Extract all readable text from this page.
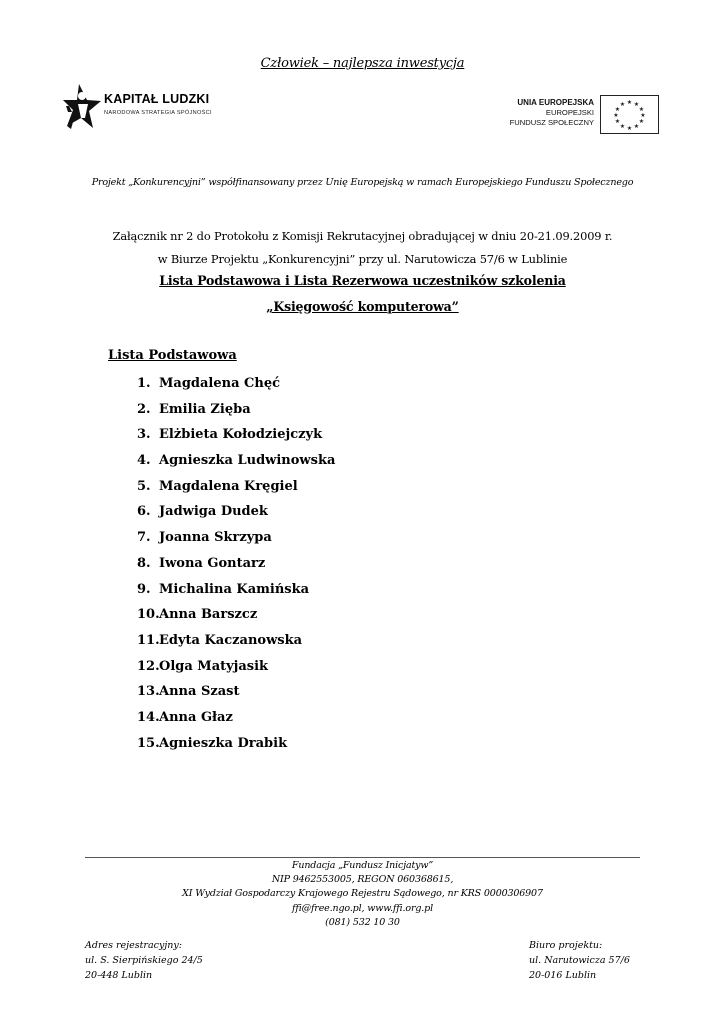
Człowiek – najlepsza inwestycja
KAPITAŁ LUDZKI
NARODOWA STRATEGIA SPÓJNOŚCI
UNIA EUROPEJSKA
EUROPEJSKI
FUNDUSZ SPOŁECZNY
★ ★
★
★
★
★
★
★
★
★
★
★
Projekt „Konkurencyjni” współfinansowany przez Unię Europejską w ramach Europejskiego Funduszu Społecznego
Załącznik nr 2 do Protokołu z Komisji Rekrutacyjnej obradującej w dniu 20-21.09.2009 r.
w Biurze Projektu „Konkurencyjni” przy ul. Narutowicza 57/6 w Lublinie
Lista Podstawowa i Lista Rezerwowa uczestników szkolenia
„Księgowość komputerowa”
Lista Podstawowa
1. Magdalena Chęć
2. Emilia Zięba
3. Elżbieta Kołodziejczyk
4. Agnieszka Ludwinowska
5. Magdalena Kręgiel
6. Jadwiga Dudek
7. Joanna Skrzypa
8. Iwona Gontarz
9. Michalina Kamińska
10. Anna Barszcz
11. Edyta Kaczanowska
12. Olga Matyjasik
13. Anna Szast
14. Anna Głaz
15. Agnieszka Drabik
Fundacja „Fundusz Inicjatyw”
NIP 9462553005, REGON 060368615,
XI Wydział Gospodarczy Krajowego Rejestru Sądowego, nr KRS 0000306907
ffi@free.ngo.pl, www.ffi.org.pl
(081) 532 10 30
Adres rejestracyjny:
ul. S. Sierpińskiego 24/5
20-448 Lublin
Biuro projektu:
ul. Narutowicza 57/6
20-016 Lublin
